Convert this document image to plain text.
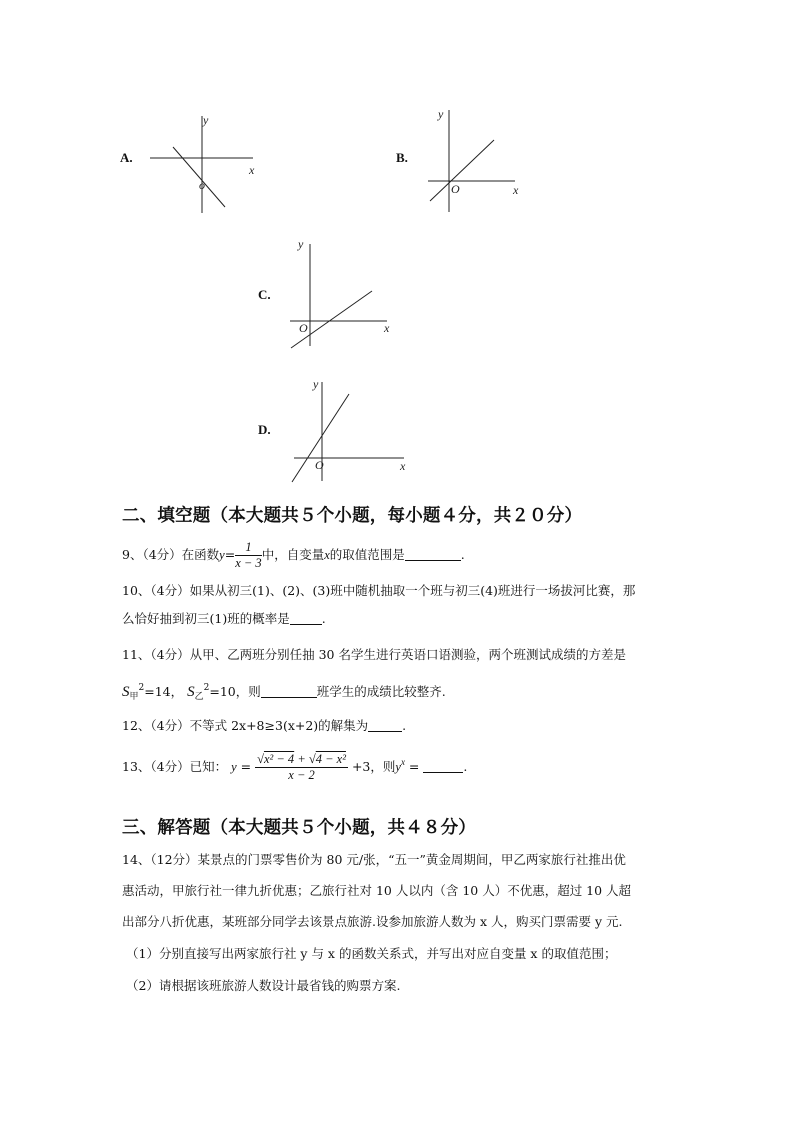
A.
x
y
o
B.
x
y
O
C.
x
y
O
D.
x
y
O
二、填空题（本大题共５个小题，每小题４分，共２０分）
9、（4分）在函数$y= \frac{1}{x - 3}$ 中，自变量x的取值范围是	.
10、（4分）如果从初三(1)、(2)、(3)班中随机抽取一个班与初三(4)班进行一场拔河比赛，那
么恰好抽到初三(1)班的概率是	.
11、（4分）从甲、乙两班分别任抽 30 名学生进行英语口语测验，两个班测试成绩的方差是
$S_甲^2=14$， $S_乙^2=10$，则	班学生的成绩比较整齐.
12、（4分）不等式 2x+8≥3(x+2)的解集为	.
13、（4分）已知： $y = \frac{\text{√x² − 4 + √4 − x²}}{x - 2} +3$，则$y^x$ =	.
三、解答题（本大题共５个小题，共４８分）
14、（12分）某景点的门票零售价为 80 元/张，“五一”黄金周期间，甲乙两家旅行社推出优
惠活动，甲旅行社一律九折优惠；乙旅行社对 10 人以内（含 10 人）不优惠，超过 10 人超
出部分八折优惠，某班部分同学去该景点旅游.设参加旅游人数为 x 人，购买门票需要 y 元.
（1）分别直接写出两家旅行社 y 与 x 的函数关系式，并写出对应自变量 x 的取值范围；
（2）请根据该班旅游人数设计最省钱的购票方案.
